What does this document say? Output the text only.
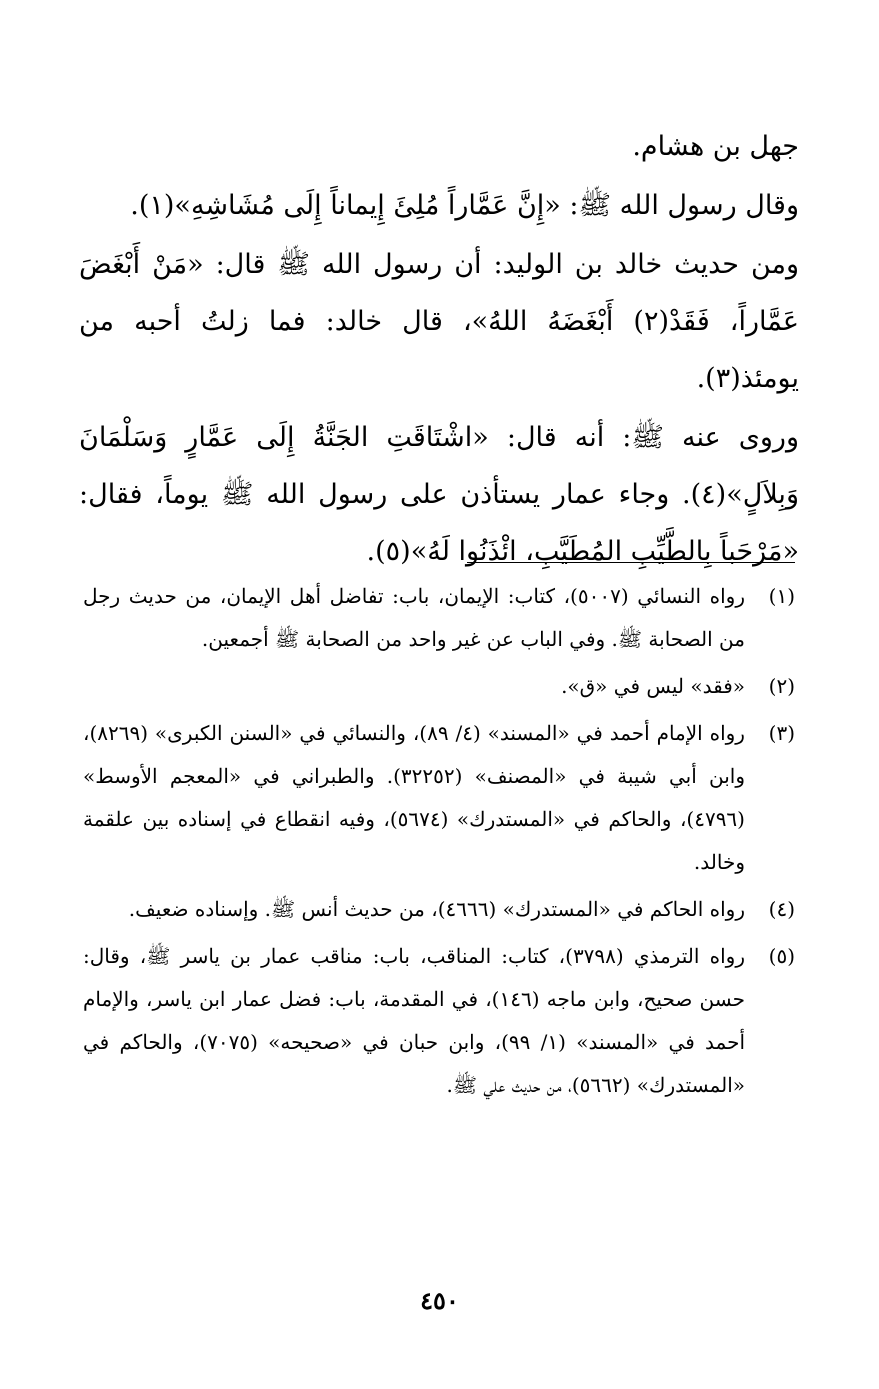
جهل بن هشام.

وقال رسول الله ﷺ: «إِنَّ عَمَّاراً مُلِئَ إِيماناً إِلَى مُشَاشِهِ»(١).

ومن حديث خالد بن الوليد: أن رسول الله ﷺ قال: «مَنْ أَبْغَضَ عَمَّاراً، فَقَدْ(٢) أَبْغَضَهُ اللهُ»، قال خالد: فما زلتُ أحبه من يومئذ(٣).

وروى عنه ﷺ: أنه قال: «اشْتَاقَتِ الجَنَّةُ إِلَى عَمَّارٍ وَسَلْمَانَ وَبِلاَلٍ»(٤). وجاء عمار يستأذن على رسول الله ﷺ يوماً، فقال: «مَرْحَباً بِالطَّيِّبِ المُطَيَّبِ، ائْذَنُوا لَهُ»(٥).

(١)
رواه النسائي (٥٠٠٧)، كتاب: الإيمان، باب: تفاضل أهل الإيمان، من حديث رجل من الصحابة ﷺ. وفي الباب عن غير واحد من الصحابة ﷺ أجمعين.
(٢)
«فقد» ليس في «ق».
(٣)
رواه الإمام أحمد في «المسند» (٤/ ٨٩)، والنسائي في «السنن الكبرى» (٨٢٦٩)، وابن أبي شيبة في «المصنف» (٣٢٢٥٢). والطبراني في «المعجم الأوسط» (٤٧٩٦)، والحاكم في «المستدرك» (٥٦٧٤)، وفيه انقطاع في إسناده بين علقمة وخالد.
(٤)
رواه الحاكم في «المستدرك» (٤٦٦٦)، من حديث أنس ﷺ. وإسناده ضعيف.
(٥)
رواه الترمذي (٣٧٩٨)، كتاب: المناقب، باب: مناقب عمار بن ياسر ﷺ، وقال: حسن صحيح، وابن ماجه (١٤٦)، في المقدمة، باب: فضل عمار ابن ياسر، والإمام أحمد في «المسند» (١/ ٩٩)، وابن حبان في «صحيحه» (٧٠٧٥)، والحاكم في «المستدرك» (٥٦٦٢)، من حديث علي ﷺ.
٤٥٠
